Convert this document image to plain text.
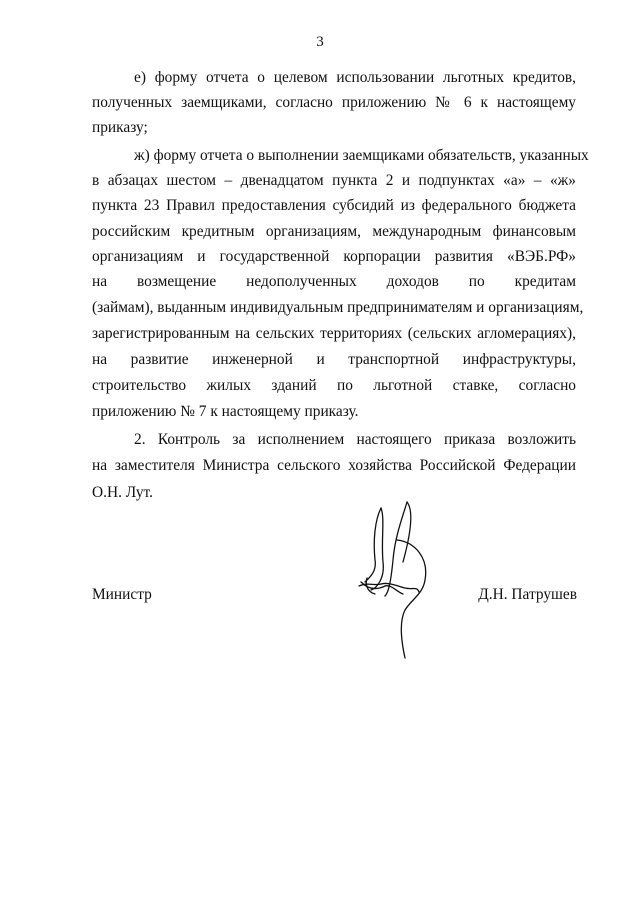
3
е) форму отчета о целевом использовании льготных кредитов,
полученных заемщиками, согласно приложению № 6 к настоящему
приказу;
ж) форму отчета о выполнении заемщиками обязательств, указанных
в абзацах шестом – двенадцатом пункта 2 и подпунктах «а» – «ж»
пункта 23 Правил предоставления субсидий из федерального бюджета
российским кредитным организациям, международным финансовым
организациям и государственной корпорации развития «ВЭБ.РФ»
на возмещение недополученных доходов по кредитам
(займам), выданным индивидуальным предпринимателям и организациям,
зарегистрированным на сельских территориях (сельских агломерациях),
на развитие инженерной и транспортной инфраструктуры,
строительство жилых зданий по льготной ставке, согласно
приложению № 7 к настоящему приказу.
2. Контроль за исполнением настоящего приказа возложить
на заместителя Министра сельского хозяйства Российской Федерации
О.Н. Лут.
Министр	Д.Н. Патрушев
